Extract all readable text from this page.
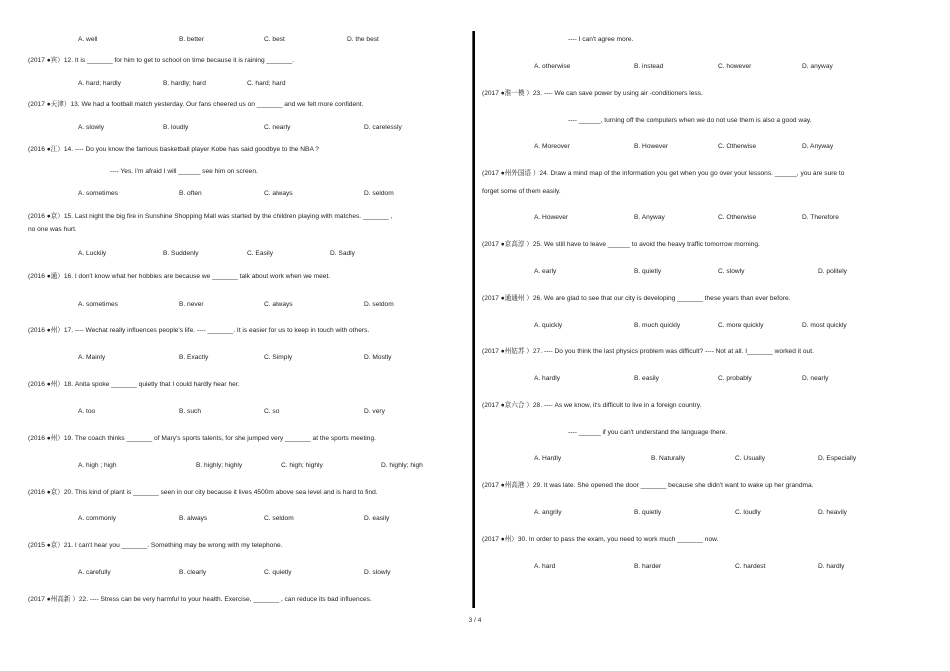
A. well	B. better	C. best	D. the best
(2017 ●宾）12. It is _______ for him to get to school on time because it is raining _______.
A. hard; hardly	B. hardly; hard	C. hard; hard
(2017 ●天津）13. We had a football match yesterday. Our fans cheered us on _______ and we felt more confident.
A. slowly	B. loudly	C. nearly	D. carelessly
(2016 ●江）14. ---- Do you know the famous basketball player Kobe has said goodbye to the NBA ?
---- Yes. I'm afraid I will ______ see him on screen.
A. sometimes	B. often	C. always	D. seldom
(2016 ●京）15. Last night the big fire in Sunshine Shopping Mall was started by the children playing with matches. _______ ,
no one was hurt.
A. Luckily	B. Suddenly	C. Easily	D. Sadly
(2016 ●通）16. I don't know what her hobbies are because we _______ talk about work when we meet.
A. sometimes	B. never	C. always	D. seldom
(2016 ●州）17. ---- Wechat really influences people's life. ---- _______. It is easier for us to keep in touch with others.
A. Mainly	B. Exactly	C. Simply	D. Mostly
(2016 ●州）18. Anita spoke _______ quietly that I could hardly hear her.
A. too	B. such	C. so	D. very
(2016 ●州）19. The coach thinks _______ of Mary's sports talents, for she jumped very _______ at the sports meeting.
A. high ; high	B. highly; highly	C. high; highly	D. highly; high
(2016 ●京）20. This kind of plant is _______ seen in our city because it lives 4500m above sea level and is hard to find.
A. commonly	B. always	C. seldom	D. easily
(2015 ●京）21. I can't hear you _______. Something may be wrong with my telephone.
A. carefully	B. clearly	C. quietly	D. slowly
(2017 ●州高新 ）22. ---- Stress can be very harmful to your health. Exercise, _______ , can reduce its bad influences.
---- I can't agree more.
A. otherwise	B. instead	C. however	D. anyway
(2017 ●淮一模 ）23. ---- We can save power by using air -conditioners less.
---- ______, turning off the computers when we do not use them is also a good way.
A. Moreover	B. However	C. Otherwise	D. Anyway
(2017 ●州外国语 ）24. Draw a mind map of the information you get when you go over your lessons. ______, you are sure to
forget some of them easily.
A. However	B. Anyway	C. Otherwise	D. Therefore
(2017 ●京高淳 ）25. We still have to leave ______ to avoid the heavy traffic tomorrow morning.
A. early	B. quietly	C. slowly	D. politely
(2017 ●通通州 ）26. We are glad to see that our city is developing _______ these years than ever before.
A. quickly	B. much quickly	C. more quickly	D. most quickly
(2017 ●州姑苏 ）27. ---- Do you think the last physics problem was difficult? ---- Not at all. I_______ worked it out.
A. hardly	B. easily	C. probably	D. nearly
(2017 ●京六合 ）28. ---- As we know, it's difficult to live in a foreign country.
---- ______ if you can't understand the language there.
A. Hardly	B. Naturally	C. Usually	D. Especially
(2017 ●州高港 ）29. It was late. She opened the door _______ because she didn't want to wake up her grandma.
A. angrily	B. quietly	C. loudly	D. heavily
(2017 ●州）30. In order to pass the exam, you need to work much _______ now.
A. hard	B. harder	C. hardest	D. hardly
3 / 4
